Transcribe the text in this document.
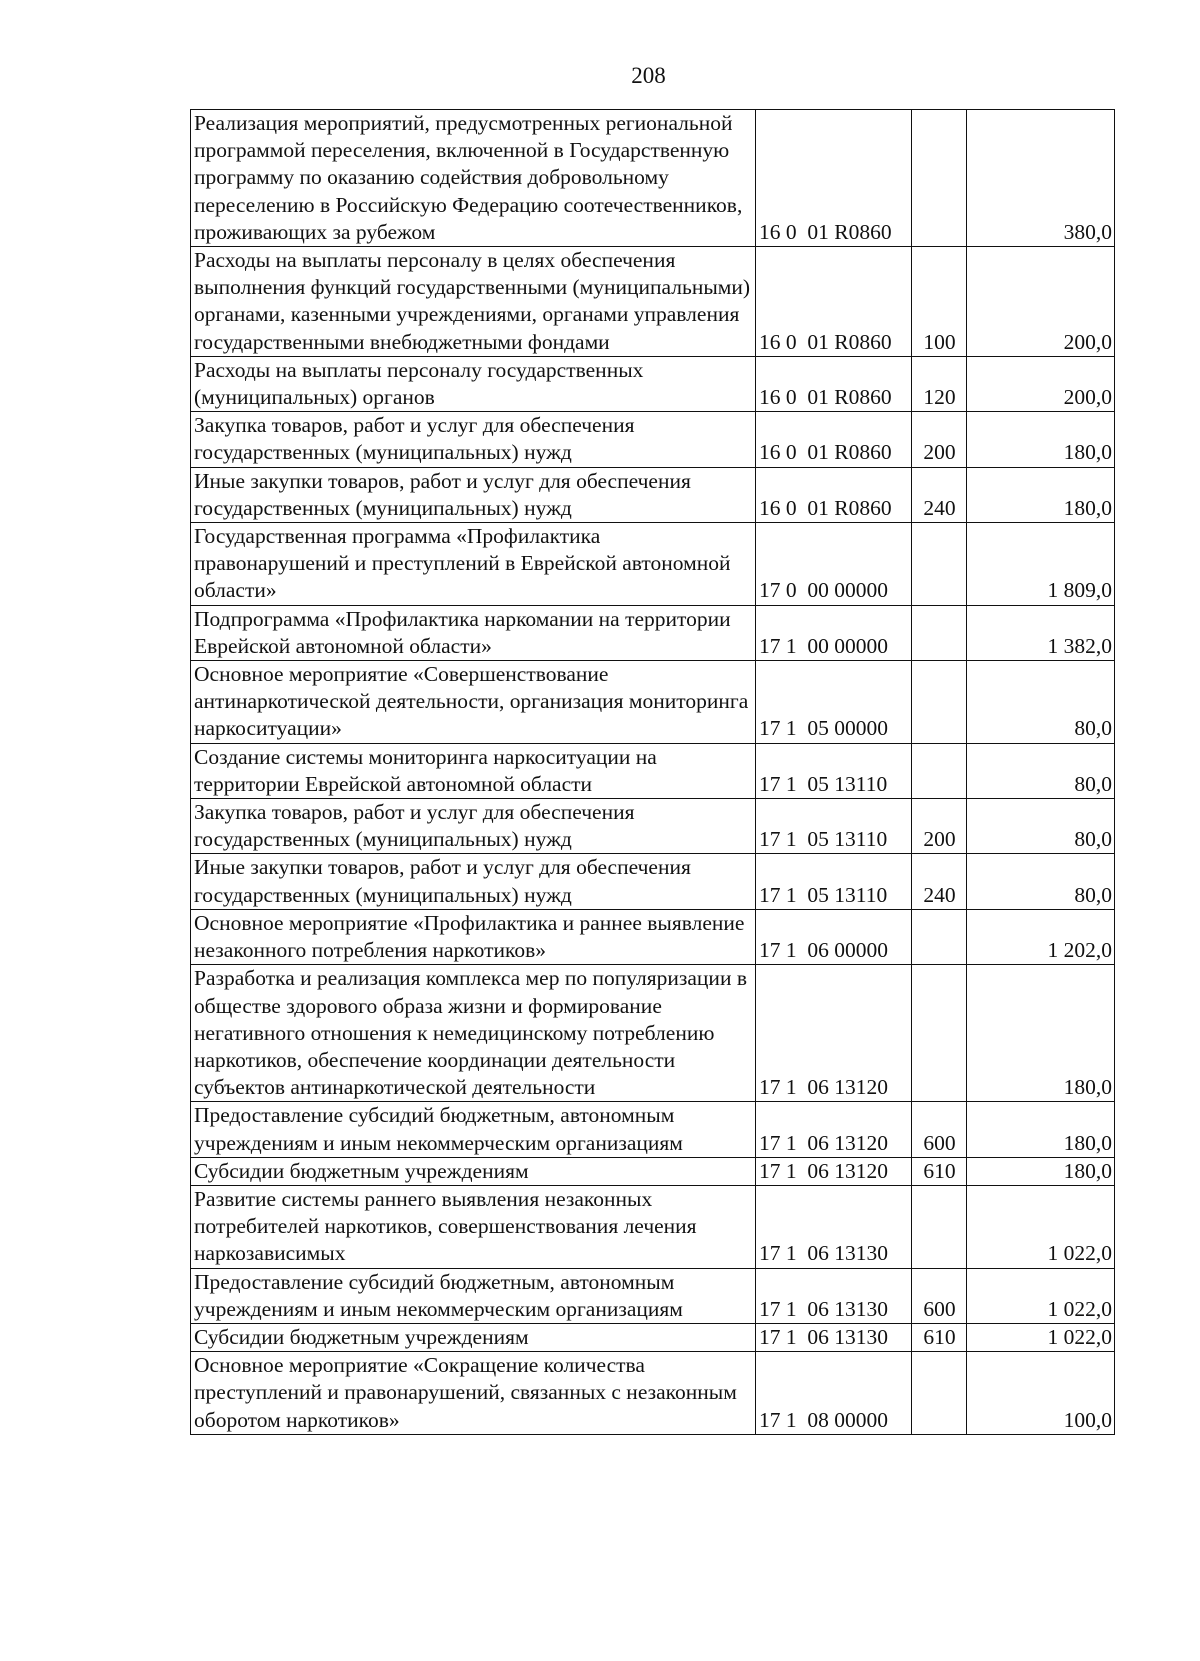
208
Реализация мероприятий, предусмотренных региональной программой переселения, включенной в Государственную программу по оказанию содействия добровольному переселению в Российскую Федерацию соотечественников, проживающих за рубежом	16 0  01 R0860		380,0
Расходы на выплаты персоналу в целях обеспечения выполнения функций государственными (муниципальными) органами, казенными учреждениями, органами управления государственными внебюджетными фондами	16 0  01 R0860	100	200,0
Расходы на выплаты персоналу государственных (муниципальных) органов	16 0  01 R0860	120	200,0
Закупка товаров, работ и услуг для обеспечения государственных (муниципальных) нужд	16 0  01 R0860	200	180,0
Иные закупки товаров, работ и услуг для обеспечения государственных (муниципальных) нужд	16 0  01 R0860	240	180,0
Государственная программа «Профилактика правонарушений и преступлений в Еврейской автономной области»	17 0  00 00000		1 809,0
Подпрограмма «Профилактика наркомании на территории Еврейской автономной области»	17 1  00 00000		1 382,0
Основное мероприятие «Совершенствование антинаркотической деятельности, организация мониторинга наркоситуации»	17 1  05 00000		80,0
Создание системы мониторинга наркоситуации на территории Еврейской автономной области	17 1  05 13110		80,0
Закупка товаров, работ и услуг для обеспечения государственных (муниципальных) нужд	17 1  05 13110	200	80,0
Иные закупки товаров, работ и услуг для обеспечения государственных (муниципальных) нужд	17 1  05 13110	240	80,0
Основное мероприятие «Профилактика и раннее выявление незаконного потребления наркотиков»	17 1  06 00000		1 202,0
Разработка и реализация комплекса мер по популяризации в обществе здорового образа жизни и формирование негативного отношения к немедицинскому потреблению наркотиков, обеспечение координации деятельности субъектов антинаркотической деятельности	17 1  06 13120		180,0
Предоставление субсидий бюджетным, автономным учреждениям и иным некоммерческим организациям	17 1  06 13120	600	180,0
Субсидии бюджетным учреждениям	17 1  06 13120	610	180,0
Развитие системы раннего выявления незаконных потребителей наркотиков, совершенствования лечения наркозависимых	17 1  06 13130		1 022,0
Предоставление субсидий бюджетным, автономным учреждениям и иным некоммерческим организациям	17 1  06 13130	600	1 022,0
Субсидии бюджетным учреждениям	17 1  06 13130	610	1 022,0
Основное мероприятие «Сокращение количества преступлений и правонарушений, связанных с незаконным оборотом наркотиков»	17 1  08 00000		100,0
